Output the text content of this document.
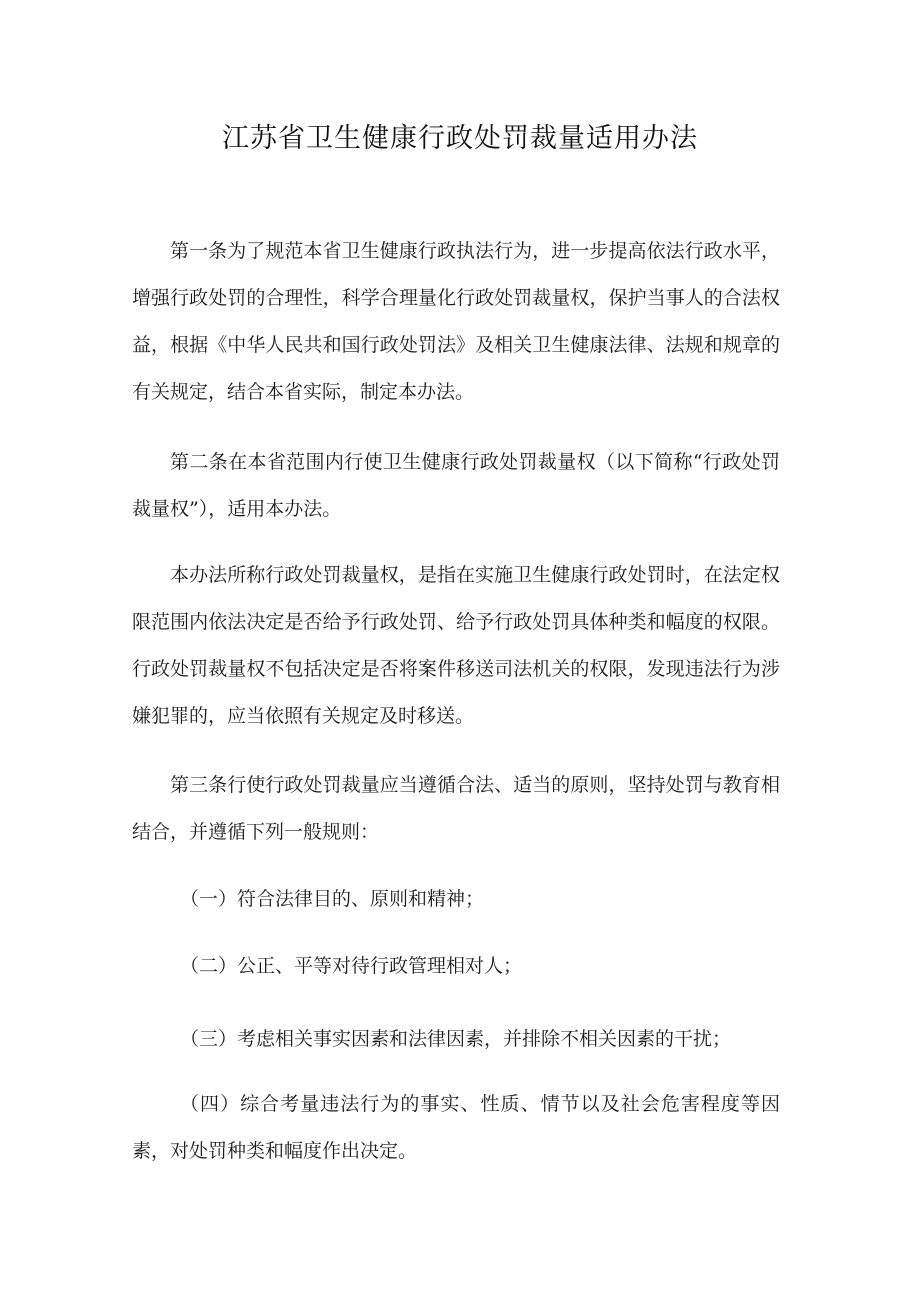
江苏省卫生健康行政处罚裁量适用办法

第一条为了规范本省卫生健康行政执法行为，进一步提高依法行政水平，增强行政处罚的合理性，科学合理量化行政处罚裁量权，保护当事人的合法权益，根据《中华人民共和国行政处罚法》及相关卫生健康法律、法规和规章的有关规定，结合本省实际，制定本办法。

第二条在本省范围内行使卫生健康行政处罚裁量权（以下简称“行政处罚裁量权”），适用本办法。

本办法所称行政处罚裁量权，是指在实施卫生健康行政处罚时，在法定权限范围内依法决定是否给予行政处罚、给予行政处罚具体种类和幅度的权限。行政处罚裁量权不包括决定是否将案件移送司法机关的权限，发现违法行为涉嫌犯罪的，应当依照有关规定及时移送。

第三条行使行政处罚裁量应当遵循合法、适当的原则，坚持处罚与教育相结合，并遵循下列一般规则：

（一）符合法律目的、原则和精神；

（二）公正、平等对待行政管理相对人；

（三）考虑相关事实因素和法律因素，并排除不相关因素的干扰；

（四）综合考量违法行为的事实、性质、情节以及社会危害程度等因素，对处罚种类和幅度作出决定。
